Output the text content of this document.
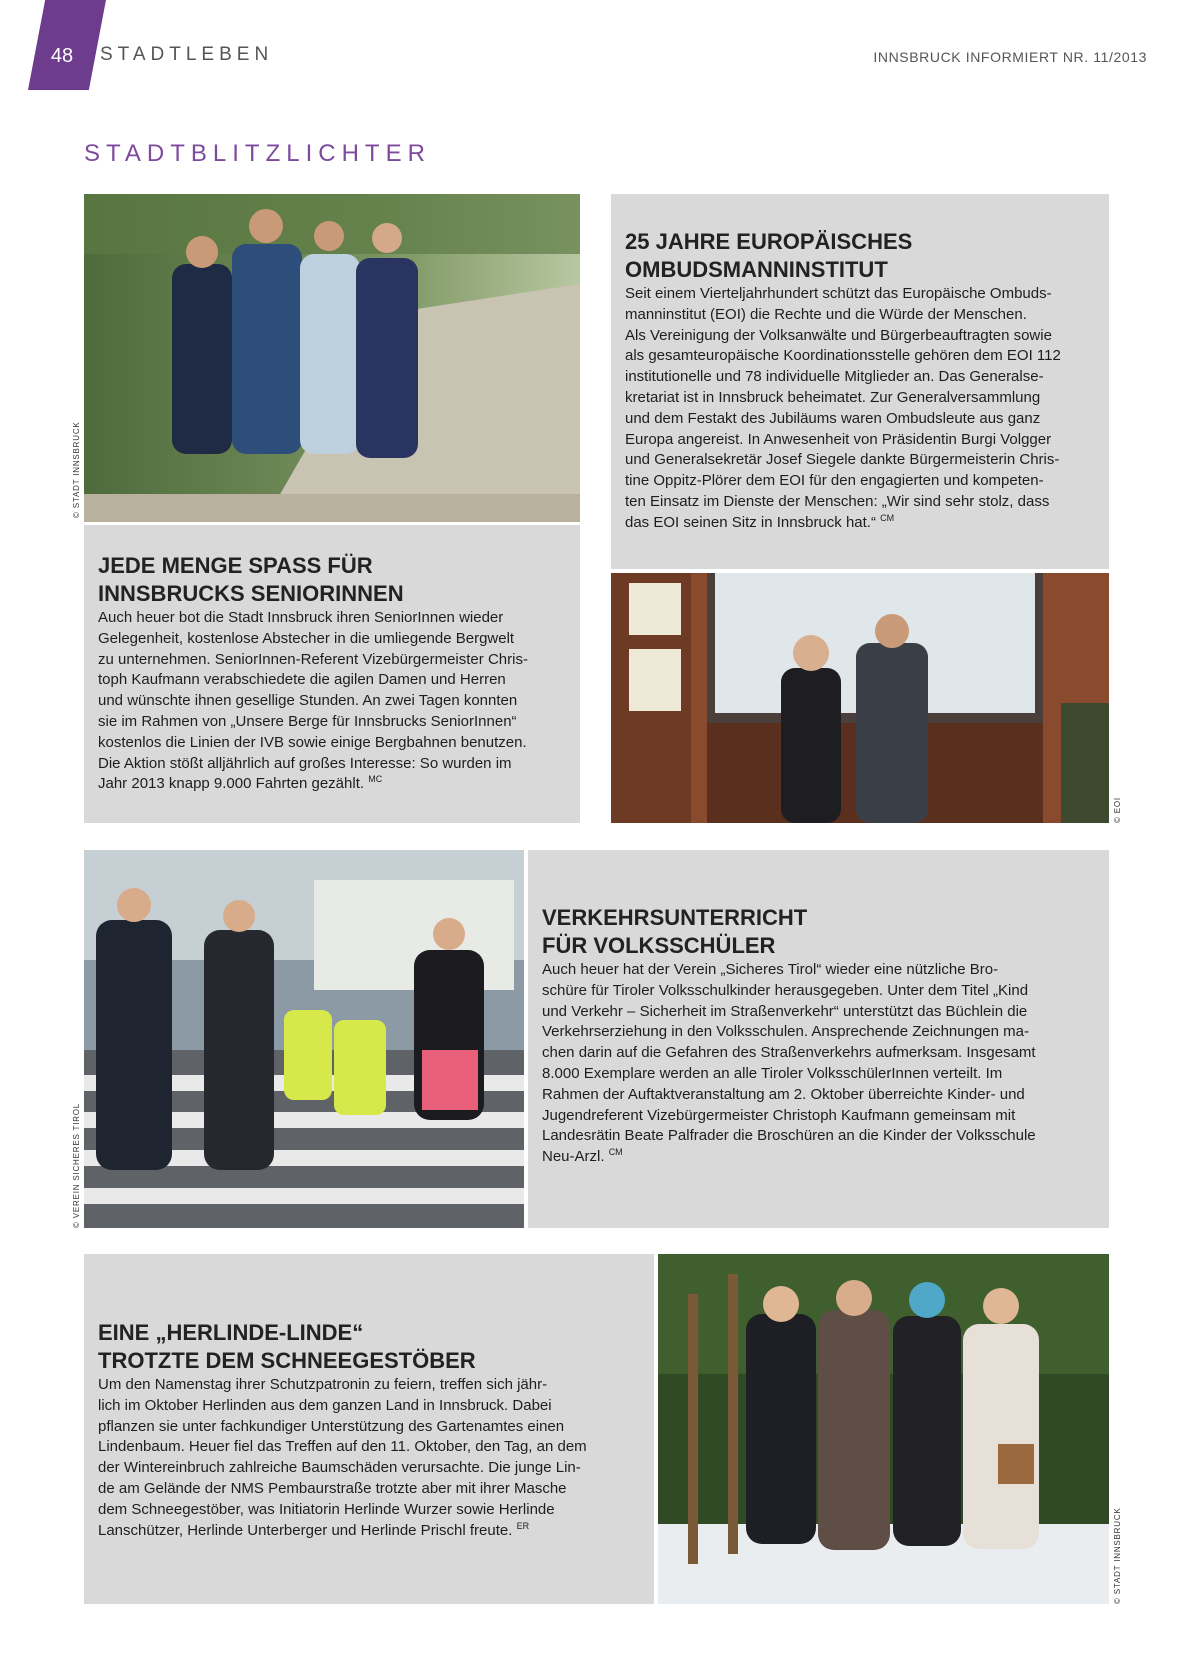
48	STADTLEBEN	INNSBRUCK INFORMIERT NR. 11/2013
STADTBLITZLICHTER
© STADT INNSBRUCK
JEDE MENGE SPASS FÜR
INNSBRUCKS SENIORINNEN

Auch heuer bot die Stadt Innsbruck ihren SeniorInnen wieder
Gelegenheit, kostenlose Abstecher in die umliegende Bergwelt
zu unternehmen. SeniorInnen-Referent Vizebürgermeister Chris-
toph Kaufmann verabschiedete die agilen Damen und Herren
und wünschte ihnen gesellige Stunden. An zwei Tagen konnten
sie im Rahmen von „Unsere Berge für Innsbrucks SeniorInnen“
kostenlos die Linien der IVB sowie einige Bergbahnen benutzen.
Die Aktion stößt alljährlich auf großes Interesse: So wurden im
Jahr 2013 knapp 9.000 Fahrten gezählt. $^{MC}$

25 JAHRE EUROPÄISCHES
OMBUDSMANNINSTITUT

Seit einem Vierteljahrhundert schützt das Europäische Ombuds-
manninstitut (EOI) die Rechte und die Würde der Menschen.
Als Vereinigung der Volksanwälte und Bürgerbeauftragten sowie
als gesamteuropäische Koordinationsstelle gehören dem EOI 112
institutionelle und 78 individuelle Mitglieder an. Das Generalse-
kretariat ist in Innsbruck beheimatet. Zur Generalversammlung
und dem Festakt des Jubiläums waren Ombudsleute aus ganz
Europa angereist. In Anwesenheit von Präsidentin Burgi Volgger
und Generalsekretär Josef Siegele dankte Bürgermeisterin Chris-
tine Oppitz-Plörer dem EOI für den engagierten und kompeten-
ten Einsatz im Dienste der Menschen: „Wir sind sehr stolz, dass
das EOI seinen Sitz in Innsbruck hat.“ $^{CM}$

© EOI
© VEREIN SICHERES TIROL
VERKEHRSUNTERRICHT
FÜR VOLKSSCHÜLER

Auch heuer hat der Verein „Sicheres Tirol“ wieder eine nützliche Bro-
schüre für Tiroler Volksschulkinder herausgegeben. Unter dem Titel „Kind
und Verkehr – Sicherheit im Straßenverkehr“ unterstützt das Büchlein die
Verkehrserziehung in den Volksschulen. Ansprechende Zeichnungen ma-
chen darin auf die Gefahren des Straßenverkehrs aufmerksam. Insgesamt
8.000 Exemplare werden an alle Tiroler VolksschülerInnen verteilt. Im
Rahmen der Auftaktveranstaltung am 2. Oktober überreichte Kinder- und
Jugendreferent Vizebürgermeister Christoph Kaufmann gemeinsam mit
Landesrätin Beate Palfrader die Broschüren an die Kinder der Volksschule
Neu-Arzl. $^{CM}$

EINE „HERLINDE-LINDE“
TROTZTE DEM SCHNEEGESTÖBER

Um den Namenstag ihrer Schutzpatronin zu feiern, treffen sich jähr-
lich im Oktober Herlinden aus dem ganzen Land in Innsbruck. Dabei
pflanzen sie unter fachkundiger Unterstützung des Gartenamtes einen
Lindenbaum. Heuer fiel das Treffen auf den 11. Oktober, den Tag, an dem
der Wintereinbruch zahlreiche Baumschäden verursachte. Die junge Lin-
de am Gelände der NMS Pembaurstraße trotzte aber mit ihrer Masche
dem Schneegestöber, was Initiatorin Herlinde Wurzer sowie Herlinde
Lanschützer, Herlinde Unterberger und Herlinde Prischl freute. $^{ER}$	© STADT INNSBRUCK
